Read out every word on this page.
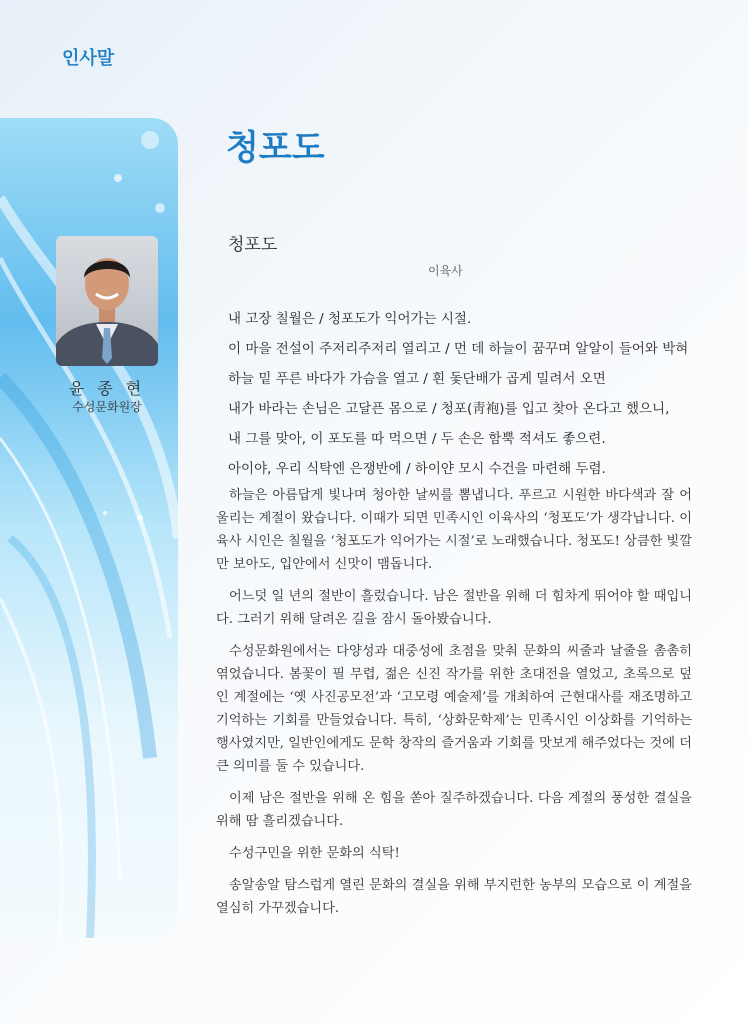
인사말
윤 종 현
수성문화원장
청포도
청포도
이육사
내 고장 칠월은 / 청포도가 익어가는 시절.
이 마을 전설이 주저리주저리 열리고 / 먼 데 하늘이 꿈꾸며 알알이 들어와 박혀
하늘 밑 푸른 바다가 가슴을 열고 / 흰 돛단배가 곱게 밀려서 오면
내가 바라는 손님은 고달픈 몸으로 / 청포(靑袍)를 입고 찾아 온다고 했으니,
내 그를 맞아, 이 포도를 따 먹으면 / 두 손은 함뿍 적셔도 좋으련.
아이야, 우리 식탁엔 은쟁반에 / 하이얀 모시 수건을 마련해 두렴.

하늘은 아름답게 빛나며 청아한 날씨를 뽐냅니다. 푸르고 시원한 바다색과 잘 어울리는 계절이 왔습니다. 이때가 되면 민족시인 이육사의 ‘청포도’가 생각납니다. 이육사 시인은 칠월을 ‘청포도가 익어가는 시절’로 노래했습니다. 청포도! 상큼한 빛깔만 보아도, 입안에서 신맛이 맴돕니다.

어느덧 일 년의 절반이 흘렀습니다. 남은 절반을 위해 더 힘차게 뛰어야 할 때입니다. 그러기 위해 달려온 길을 잠시 돌아봤습니다.

수성문화원에서는 다양성과 대중성에 초점을 맞춰 문화의 씨줄과 날줄을 촘촘히 엮었습니다. 봄꽃이 필 무렵, 젊은 신진 작가를 위한 초대전을 열었고, 초록으로 덮인 계절에는 ‘옛 사진공모전’과 ‘고모령 예술제’를 개최하여 근현대사를 재조명하고 기억하는 기회를 만들었습니다. 특히, ‘상화문학제’는 민족시인 이상화를 기억하는 행사였지만, 일반인에게도 문학 창작의 즐거움과 기회를 맛보게 해주었다는 것에 더 큰 의미를 둘 수 있습니다.

이제 남은 절반을 위해 온 힘을 쏟아 질주하겠습니다. 다음 계절의 풍성한 결실을 위해 땀 흘리겠습니다.

수성구민을 위한 문화의 식탁!

송알송알 탐스럽게 열린 문화의 결실을 위해 부지런한 농부의 모습으로 이 계절을 열심히 가꾸겠습니다.
